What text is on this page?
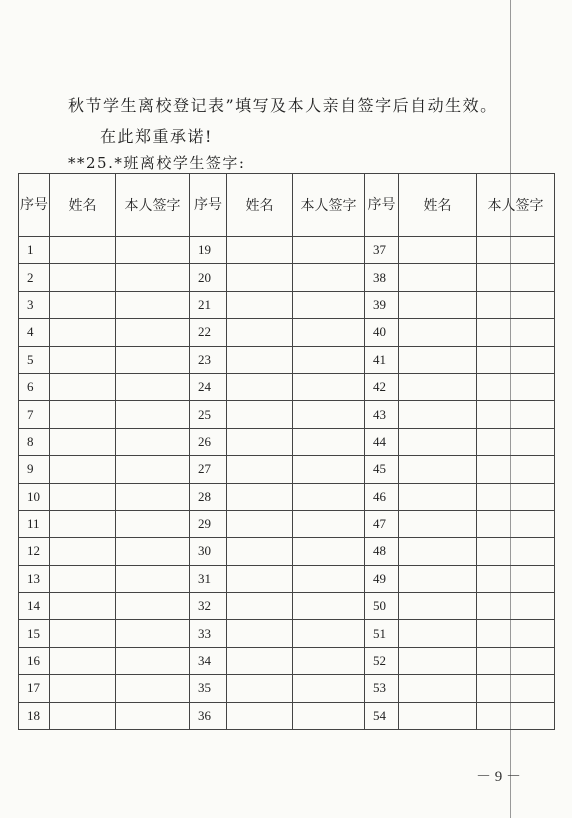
秋节学生离校登记表”填写及本人亲自签字后自动生效。
在此郑重承诺!
**25.*班离校学生签字:
序号	姓名	本人签字	序号	姓名	本人签字	序号	姓名	本人签字
1			19			37		
2			20			38		
3			21			39		
4			22			40		
5			23			41		
6			24			42		
7			25			43		
8			26			44		
9			27			45		
10			28			46		
11			29			47		
12			30			48		
13			31			49		
14			32			50		
15			33			51		
16			34			52		
17			35			53		
18			36			54		
－ 9 －
